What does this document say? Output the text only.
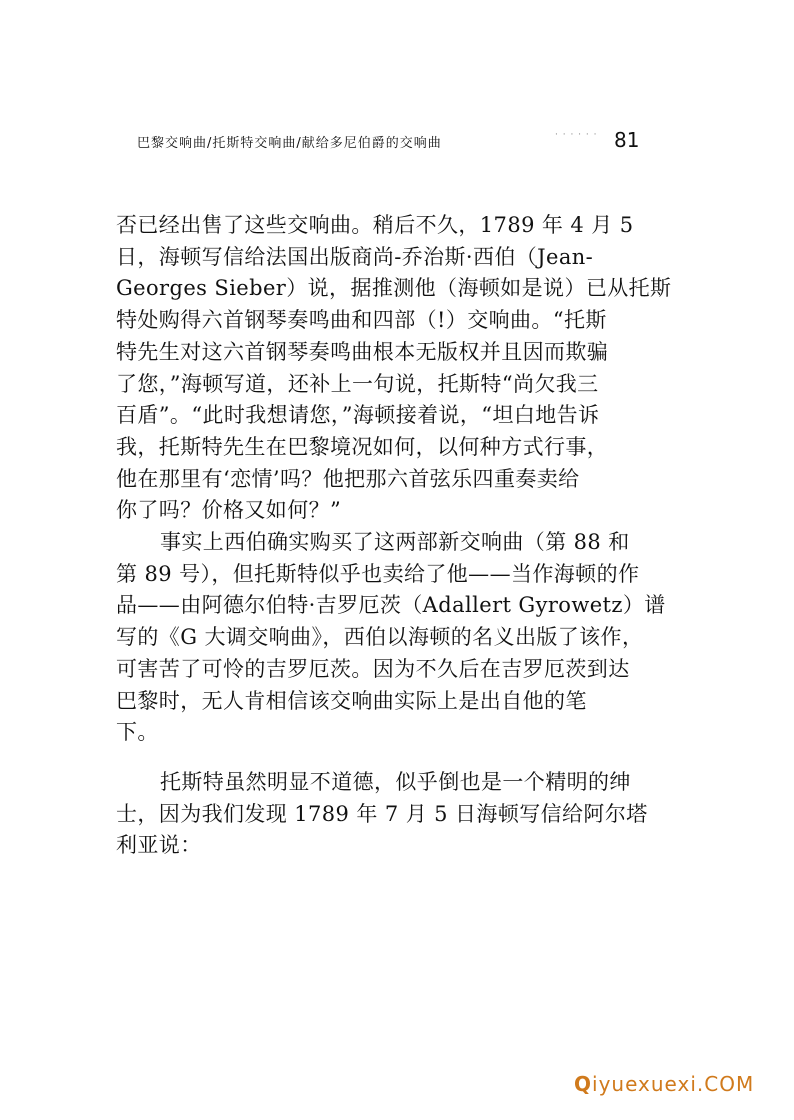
巴黎交响曲/托斯特交响曲/献给多尼伯爵的交响曲
· · · · · · 81
否已经出售了这些交响曲。稍后不久，1789 年 4 月 5
日，海顿写信给法国出版商尚-乔治斯·西伯（Jean-
Georges Sieber）说，据推测他（海顿如是说）已从托斯
特处购得六首钢琴奏鸣曲和四部（!）交响曲。“托斯
特先生对这六首钢琴奏鸣曲根本无版权并且因而欺骗
了您，”海顿写道，还补上一句说，托斯特“尚欠我三
百盾”。“此时我想请您，”海顿接着说，“坦白地告诉
我，托斯特先生在巴黎境况如何，以何种方式行事，
他在那里有‘恋情’吗？他把那六首弦乐四重奏卖给
你了吗？价格又如何？”
事实上西伯确实购买了这两部新交响曲（第 88 和
第 89 号），但托斯特似乎也卖给了他——当作海顿的作
品——由阿德尔伯特·吉罗厄茨（Adallert Gyrowetz）谱
写的《G 大调交响曲》，西伯以海顿的名义出版了该作，
可害苦了可怜的吉罗厄茨。因为不久后在吉罗厄茨到达
巴黎时，无人肯相信该交响曲实际上是出自他的笔
下。
托斯特虽然明显不道德，似乎倒也是一个精明的绅
士，因为我们发现 1789 年 7 月 5 日海顿写信给阿尔塔
利亚说：
Qiyuexuexi.COM
